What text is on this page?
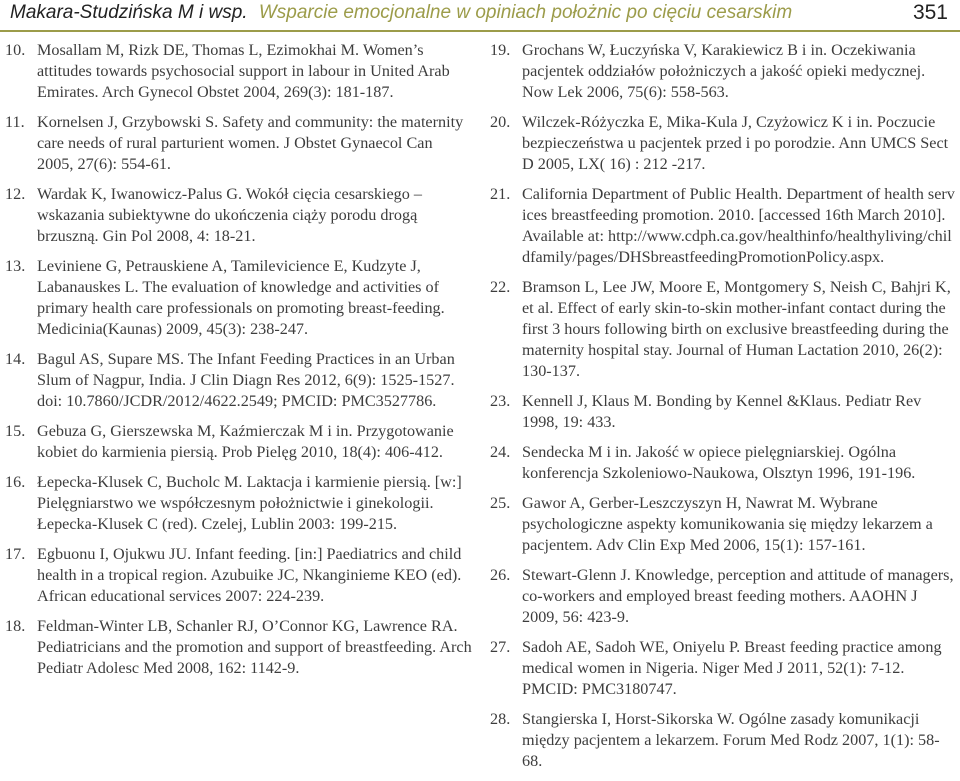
Makara-Studzińska M i wsp. Wsparcie emocjonalne w opiniach położnic po cięciu cesarskim	351
10. Mosallam M, Rizk DE, Thomas L, Ezimokhai M. Women’s attitudes towards psychosocial support in labour in United Arab Emirates. Arch Gynecol Obstet 2004, 269(3): 181-187.
11. Kornelsen J, Grzybowski S. Safety and community: the maternity care needs of rural parturient women. J Obstet Gynaecol Can 2005, 27(6): 554-61.
12. Wardak K, Iwanowicz-Palus G. Wokół cięcia cesarskiego – wskazania subiektywne do ukończenia ciąży porodu drogą brzuszną. Gin Pol 2008, 4: 18-21.
13. Leviniene G, Petrauskiene A, Tamilevicience E, Kudzyte J, Labanauskes L. The evaluation of knowledge and activities of primary health care professionals on promoting breast-feeding. Medicinia(Kaunas) 2009, 45(3): 238-247.
14. Bagul AS, Supare MS. The Infant Feeding Practices in an Urban Slum of Nagpur, India. J Clin Diagn Res 2012, 6(9): 1525-1527. doi: 10.7860/JCDR/2012/4622.2549; PMCID: PMC3527786.
15. Gebuza G, Gierszewska M, Kaźmierczak M i in. Przygotowanie kobiet do karmienia piersią. Prob Pielęg 2010, 18(4): 406-412.
16. Łepecka-Klusek C, Bucholc M. Laktacja i karmienie piersią. [w:] Pielęgniarstwo we współczesnym położnictwie i ginekologii. Łepecka-Klusek C (red). Czelej, Lublin 2003: 199-215.
17. Egbuonu I, Ojukwu JU. Infant feeding. [in:] Paediatrics and child health in a tropical region. Azubuike JC, Nkanginieme KEO (ed). African educational services 2007: 224-239.
18. Feldman-Winter LB, Schanler RJ, O’Connor KG, Lawrence RA. Pediatricians and the promotion and support of breastfeeding. Arch Pediatr Adolesc Med 2008, 162: 1142-9.
19. Grochans W, Łuczyńska V, Karakiewicz B i in. Oczekiwania pacjentek oddziałów położniczych a jakość opieki medycznej. Now Lek 2006, 75(6): 558-563.
20. Wilczek-Różyczka E, Mika-Kula J, Czyżowicz K i in. Poczucie bezpieczeństwa u pacjentek przed i po porodzie. Ann UMCS Sect D 2005, LX( 16) : 212 -217.
21. California Department of Public Health. Department of health services breastfeeding promotion. 2010. [accessed 16th March 2010]. Available at: http://www.cdph.ca.gov/healthinfo/healthyliving/childfamily/pages/DHSbreastfeedingPromotionPolicy.aspx.
22. Bramson L, Lee JW, Moore E, Montgomery S, Neish C, Bahjri K, et al. Effect of early skin-to-skin mother-infant contact during the first 3 hours following birth on exclusive breastfeeding during the maternity hospital stay. Journal of Human Lactation 2010, 26(2): 130-137.
23. Kennell J, Klaus M. Bonding by Kennel &Klaus. Pediatr Rev 1998, 19: 433.
24. Sendecka M i in. Jakość w opiece pielęgniarskiej. Ogólna konferencja Szkoleniowo-Naukowa, Olsztyn 1996, 191-196.
25. Gawor A, Gerber-Leszczyszyn H, Nawrat M. Wybrane psychologiczne aspekty komunikowania się między lekarzem a pacjentem. Adv Clin Exp Med 2006, 15(1): 157-161.
26. Stewart-Glenn J. Knowledge, perception and attitude of managers, co-workers and employed breast feeding mothers. AAOHN J 2009, 56: 423-9.
27. Sadoh AE, Sadoh WE, Oniyelu P. Breast feeding practice among medical women in Nigeria. Niger Med J 2011, 52(1): 7-12. PMCID: PMC3180747.
28. Stangierska I, Horst-Sikorska W. Ogólne zasady komunikacji między pacjentem a lekarzem. Forum Med Rodz 2007, 1(1): 58-68.
